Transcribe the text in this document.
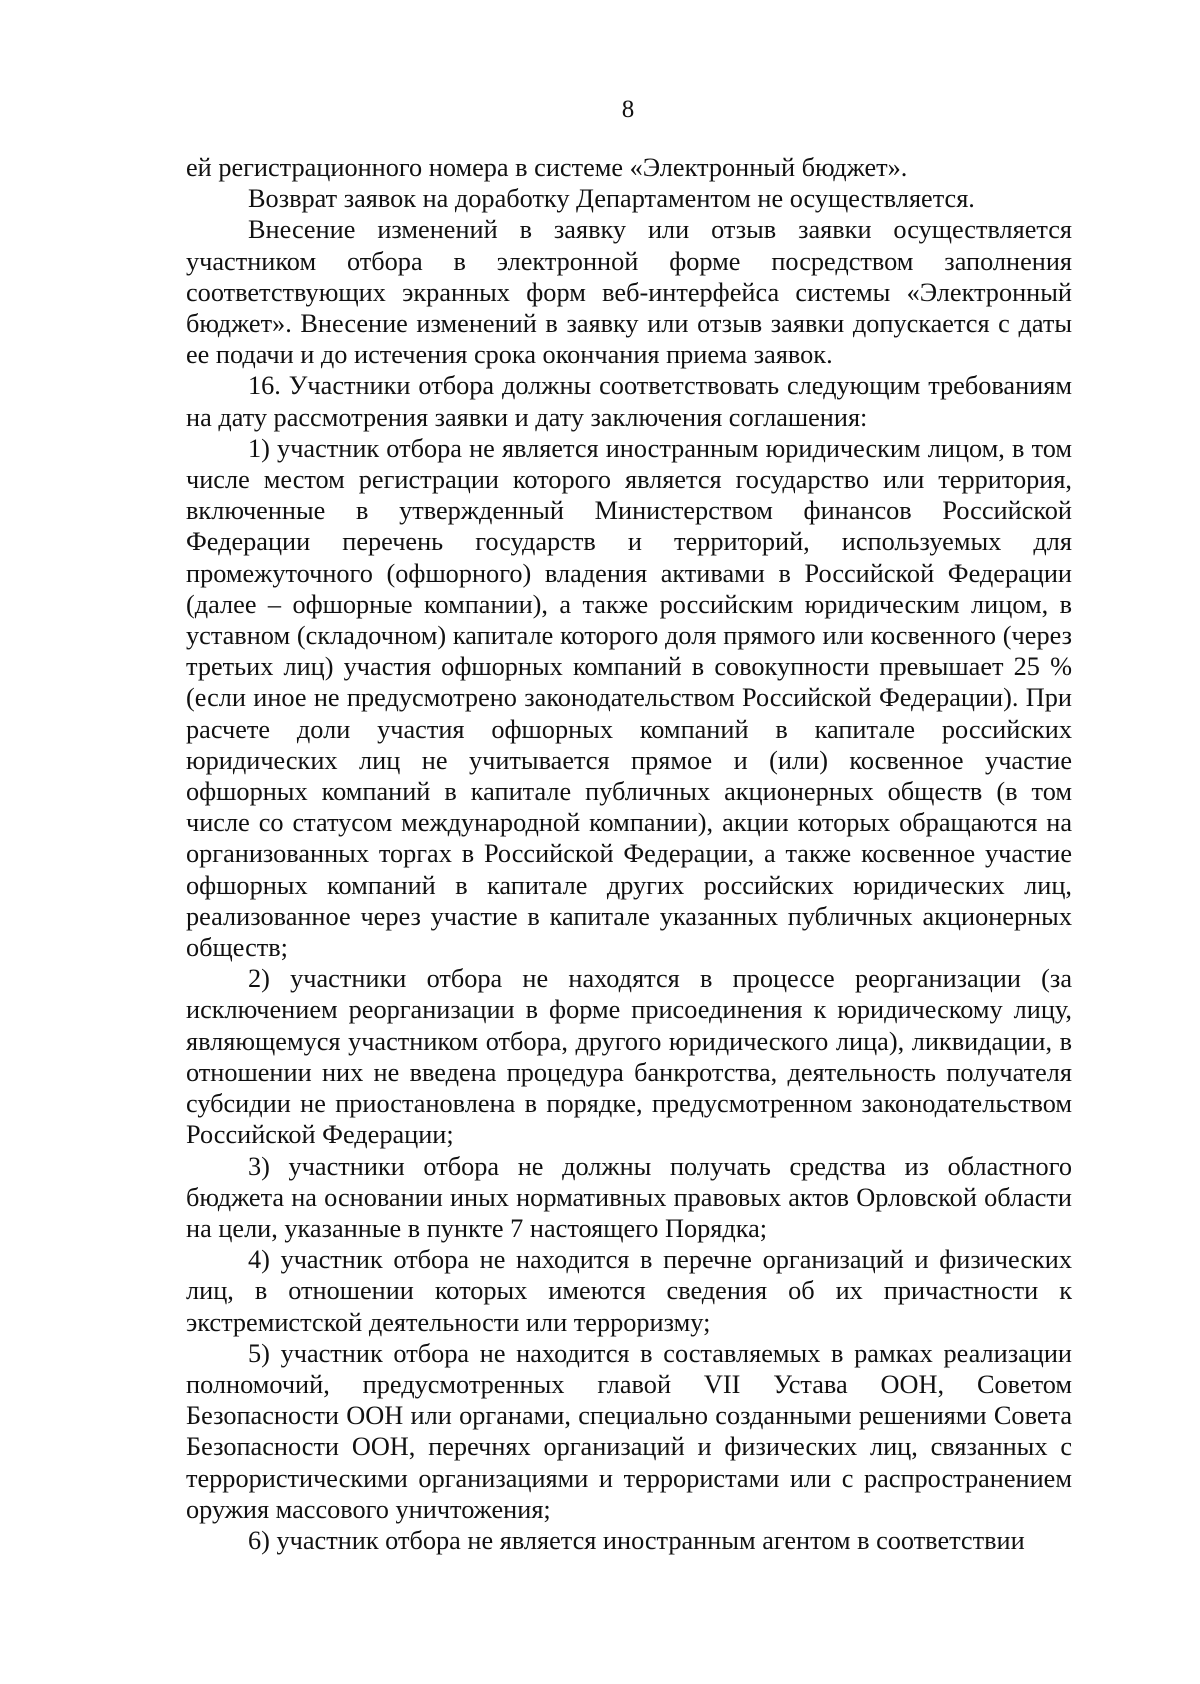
8

ей регистрационного номера в системе «Электронный бюджет».

Возврат заявок на доработку Департаментом не осуществляется.

Внесение изменений в заявку или отзыв заявки осуществляется участником отбора в электронной форме посредством заполнения соответствующих экранных форм веб-интерфейса системы «Электронный бюджет». Внесение изменений в заявку или отзыв заявки допускается с даты ее подачи и до истечения срока окончания приема заявок.

16. Участники отбора должны соответствовать следующим требованиям на дату рассмотрения заявки и дату заключения соглашения:

1) участник отбора не является иностранным юридическим лицом, в том числе местом регистрации которого является государство или территория, включенные в утвержденный Министерством финансов Российской Федерации перечень государств и территорий, используемых для промежуточного (офшорного) владения активами в Российской Федерации (далее – офшорные компании), а также российским юридическим лицом, в уставном (складочном) капитале которого доля прямого или косвенного (через третьих лиц) участия офшорных компаний в совокупности превышает 25 % (если иное не предусмотрено законодательством Российской Федерации). При расчете доли участия офшорных компаний в капитале российских юридических лиц не учитывается прямое и (или) косвенное участие офшорных компаний в капитале публичных акционерных обществ (в том числе со статусом международной компании), акции которых обращаются на организованных торгах в Российской Федерации, а также косвенное участие офшорных компаний в капитале других российских юридических лиц, реализованное через участие в капитале указанных публичных акционерных обществ;

2) участники отбора не находятся в процессе реорганизации (за исключением реорганизации в форме присоединения к юридическому лицу, являющемуся участником отбора, другого юридического лица), ликвидации, в отношении них не введена процедура банкротства, деятельность получателя субсидии не приостановлена в порядке, предусмотренном законодательством Российской Федерации;

3) участники отбора не должны получать средства из областного бюджета на основании иных нормативных правовых актов Орловской области на цели, указанные в пункте 7 настоящего Порядка;

4) участник отбора не находится в перечне организаций и физических лиц, в отношении которых имеются сведения об их причастности к экстремистской деятельности или терроризму;

5) участник отбора не находится в составляемых в рамках реализации полномочий, предусмотренных главой VII Устава ООН, Советом Безопасности ООН или органами, специально созданными решениями Совета Безопасности ООН, перечнях организаций и физических лиц, связанных с террористическими организациями и террористами или с распространением оружия массового уничтожения;

6) участник отбора не является иностранным агентом в соответствии
